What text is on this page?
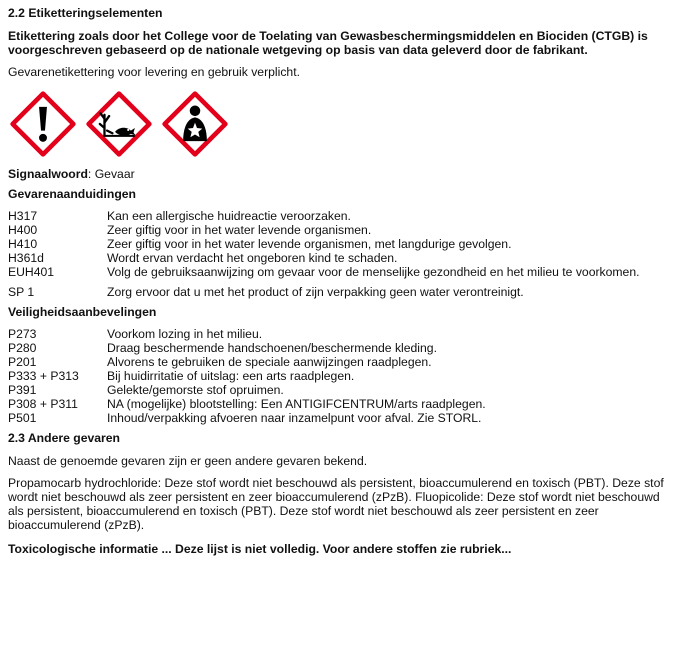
2.2 Etiketteringselementen
Etikettering zoals door het College voor de Toelating van Gewasbeschermingsmiddelen en Biociden (CTGB) is voorgeschreven gebaseerd op de nationale wetgeving op basis van data geleverd door de fabrikant.
Gevarenetikettering voor levering en gebruik verplicht.
Signaalwoord: Gevaar
Gevarenaanduidingen
H317	Kan een allergische huidreactie veroorzaken.
H400	Zeer giftig voor in het water levende organismen.
H410	Zeer giftig voor in het water levende organismen, met langdurige gevolgen.
H361d	Wordt ervan verdacht het ongeboren kind te schaden.
EUH401	Volg de gebruiksaanwijzing om gevaar voor de menselijke gezondheid en het milieu te voorkomen.
SP 1	Zorg ervoor dat u met het product of zijn verpakking geen water verontreinigt.
Veiligheidsaanbevelingen
P273	Voorkom lozing in het milieu.
P280	Draag beschermende handschoenen/beschermende kleding.
P201	Alvorens te gebruiken de speciale aanwijzingen raadplegen.
P333 + P313	Bij huidirritatie of uitslag: een arts raadplegen.
P391	Gelekte/gemorste stof opruimen.
P308 + P311	NA (mogelijke) blootstelling: Een ANTIGIFCENTRUM/arts raadplegen.
P501	Inhoud/verpakking afvoeren naar inzamelpunt voor afval. Zie STORL.
2.3 Andere gevaren
Naast de genoemde gevaren zijn er geen andere gevaren bekend.
Propamocarb hydrochloride: Deze stof wordt niet beschouwd als persistent, bioaccumulerend en toxisch (PBT). Deze stof wordt niet beschouwd als zeer persistent en zeer bioaccumulerend (zPzB). Fluopicolide: Deze stof wordt niet beschouwd als persistent, bioaccumulerend en toxisch (PBT). Deze stof wordt niet beschouwd als zeer persistent en zeer bioaccumulerend (zPzB).
Toxicologische informatie ... Deze lijst is niet volledig. Voor andere stoffen zie rubriek...
